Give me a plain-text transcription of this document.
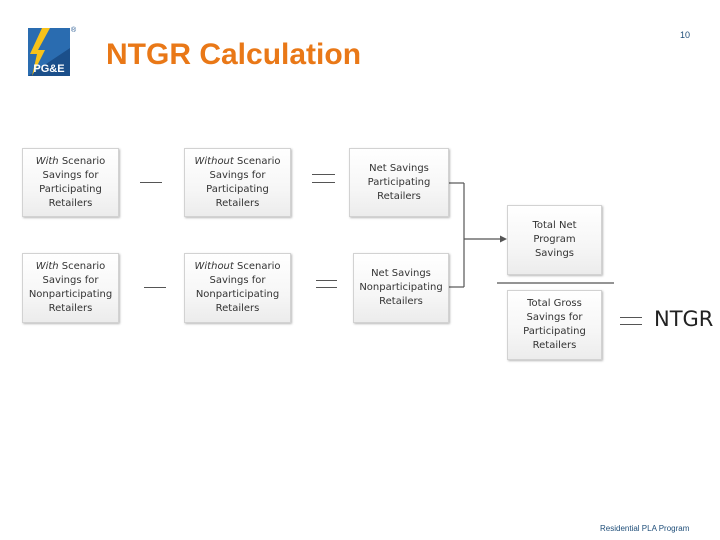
PG&E
®
NTGR Calculation
10
With Scenario
Savings for
Participating
Retailers
Without Scenario
Savings for
Participating
Retailers
Net Savings
Participating
Retailers
With Scenario
Savings for
Nonparticipating
Retailers
Without Scenario
Savings for
Nonparticipating
Retailers
Net Savings
Nonparticipating
Retailers
Total Net Program
Savings
Total Gross
Savings for
Participating
Retailers
NTGR
Residential PLA Program
